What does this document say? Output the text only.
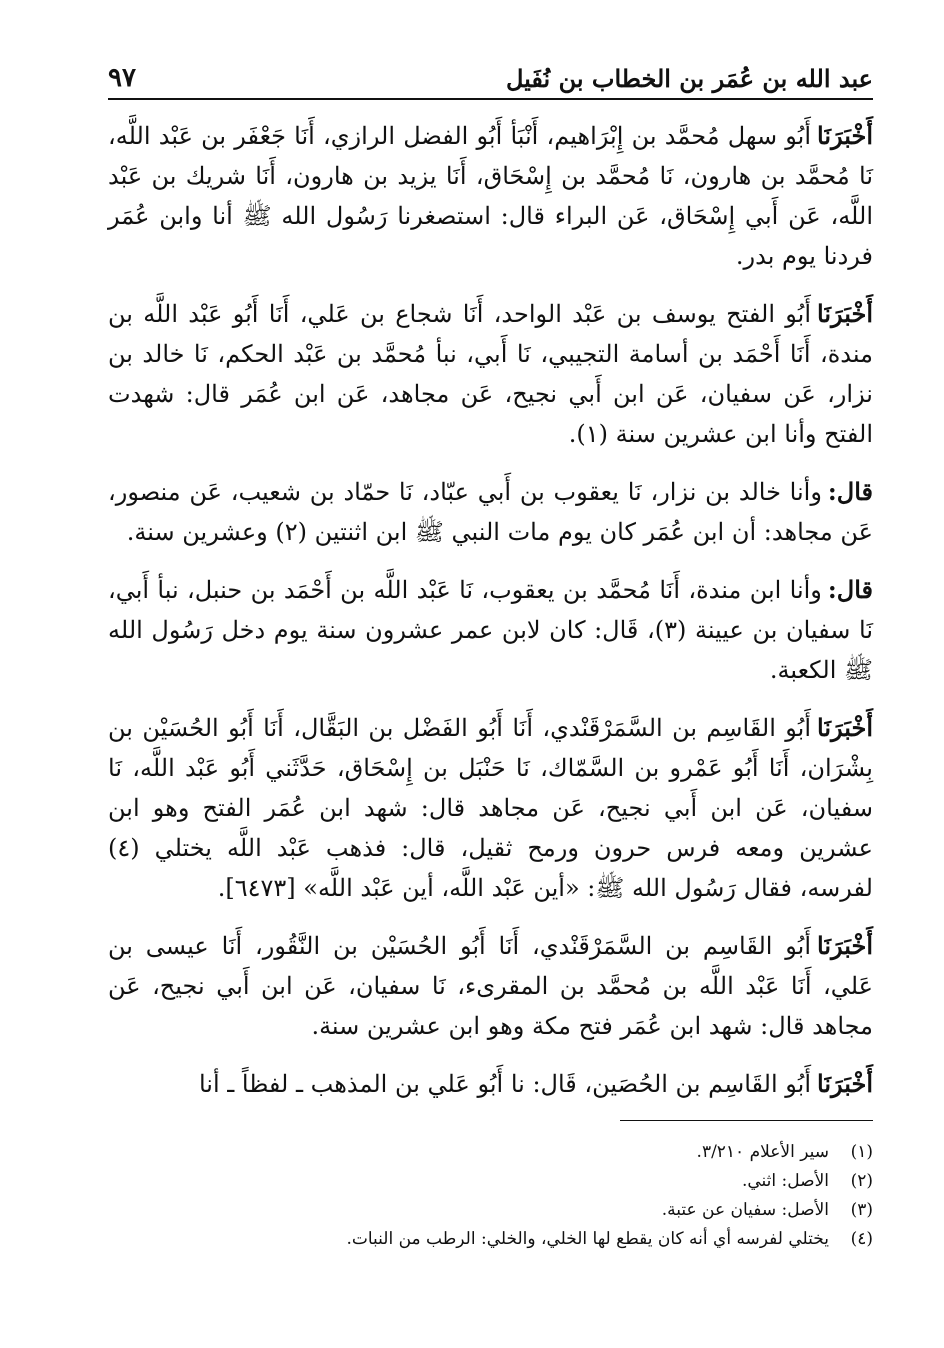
عبد الله بن عُمَر بن الخطاب بن نُفَيل
٩٧

أَخْبَرَنَاأَبُو سهل مُحمَّد بن إِبْرَاهيم، أَنْبَأ أَبُو الفضل الرازي، أَنَا جَعْفَر بن عَبْد اللَّه، نَا مُحمَّد بن هارون، نَا مُحمَّد بن إِسْحَاق، أَنَا يزيد بن هارون، أَنَا شريك بن عَبْد اللَّه، عَن أَبي إِسْحَاق، عَن البراء قال: استصغرنا رَسُول الله ﷺ أنا وابن عُمَر فردنا يوم بدر.

أَخْبَرَنَاأَبُو الفتح يوسف بن عَبْد الواحد، أَنَا شجاع بن عَلي، أَنَا أَبُو عَبْد اللَّه بن مندة، أَنَا أَحْمَد بن أسامة التجيبي، نَا أَبي، نبأ مُحمَّد بن عَبْد الحكم، نَا خالد بن نزار، عَن سفيان، عَن ابن أَبي نجيح، عَن مجاهد، عَن ابن عُمَر قال: شهدت الفتح وأنا ابن عشرين سنة (١).

قال:وأنا خالد بن نزار، نَا يعقوب بن أَبي عبّاد، نَا حمّاد بن شعيب، عَن منصور، عَن مجاهد: أن ابن عُمَر كان يوم مات النبي ﷺ ابن اثنتين (٢) وعشرين سنة.

قال:وأنا ابن مندة، أَنَا مُحمَّد بن يعقوب، نَا عَبْد اللَّه بن أَحْمَد بن حنبل، نبأ أَبي، نَا سفيان بن عيينة (٣)، قَال: كان لابن عمر عشرون سنة يوم دخل رَسُول الله ﷺ الكعبة.

أَخْبَرَنَاأَبُو القَاسِم بن السَّمَرْقَنْدي، أَنَا أَبُو الفَضْل بن البَقَّال، أَنَا أَبُو الحُسَيْن بن بِشْرَان، أَنَا أَبُو عَمْرو بن السَّمّاك، نَا حَنْبَل بن إِسْحَاق، حَدَّثَني أَبُو عَبْد اللَّه، نَا سفيان، عَن ابن أَبي نجيح، عَن مجاهد قال: شهد ابن عُمَر الفتح وهو ابن عشرين ومعه فرس حرون ورمح ثقيل، قال: فذهب عَبْد اللَّه يختلي (٤) لفرسه، فقال رَسُول الله ﷺ: «أين عَبْد اللَّه، أين عَبْد اللَّه» [٦٤٧٣].

أَخْبَرَنَاأَبُو القَاسِم بن السَّمَرْقَنْدي، أَنَا أَبُو الحُسَيْن بن النَّقُور، أَنَا عيسى بن عَلي، أَنَا عَبْد اللَّه بن مُحمَّد بن المقرىء، نَا سفيان، عَن ابن أَبي نجيح، عَن مجاهد قال: شهد ابن عُمَر فتح مكة وهو ابن عشرين سنة.

أَخْبَرَنَاأَبُو القَاسِم بن الحُصَين، قَال: نا أَبُو عَلي بن المذهب ـ لفظاً ـ أنا

(١)
سير الأعلام ٣/٢١٠.
(٢)
الأصل: اثني.
(٣)
الأصل: سفيان عن عتبة.
(٤)
يختلي لفرسه أي أنه كان يقطع لها الخلي، والخلي: الرطب من النبات.
